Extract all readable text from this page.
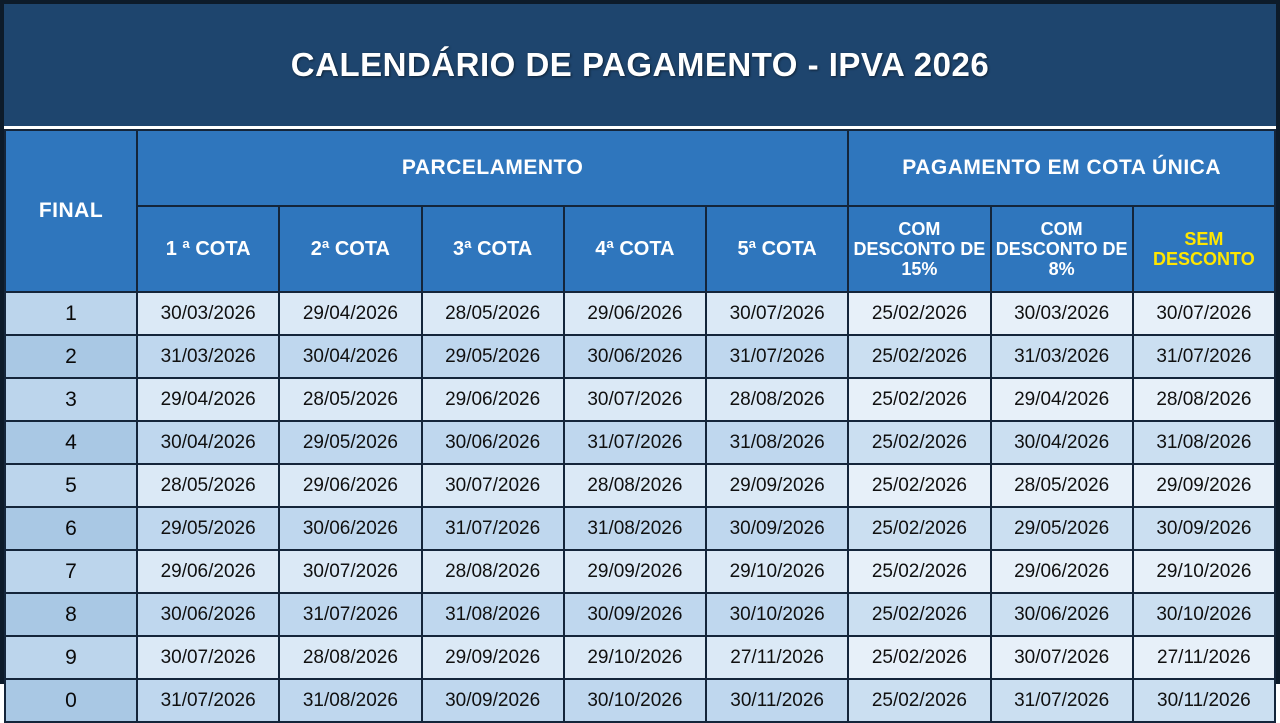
CALENDÁRIO DE PAGAMENTO - IPVA 2026
FINAL	PARCELAMENTO					PAGAMENTO EM COTA ÚNICA		
	1 ª COTA	2ª COTA	3ª COTA	4ª COTA	5ª COTA	COM DESCONTO DE 15%	COM DESCONTO DE 8%	SEM DESCONTO
1	30/03/2026	29/04/2026	28/05/2026	29/06/2026	30/07/2026	25/02/2026	30/03/2026	30/07/2026
2	31/03/2026	30/04/2026	29/05/2026	30/06/2026	31/07/2026	25/02/2026	31/03/2026	31/07/2026
3	29/04/2026	28/05/2026	29/06/2026	30/07/2026	28/08/2026	25/02/2026	29/04/2026	28/08/2026
4	30/04/2026	29/05/2026	30/06/2026	31/07/2026	31/08/2026	25/02/2026	30/04/2026	31/08/2026
5	28/05/2026	29/06/2026	30/07/2026	28/08/2026	29/09/2026	25/02/2026	28/05/2026	29/09/2026
6	29/05/2026	30/06/2026	31/07/2026	31/08/2026	30/09/2026	25/02/2026	29/05/2026	30/09/2026
7	29/06/2026	30/07/2026	28/08/2026	29/09/2026	29/10/2026	25/02/2026	29/06/2026	29/10/2026
8	30/06/2026	31/07/2026	31/08/2026	30/09/2026	30/10/2026	25/02/2026	30/06/2026	30/10/2026
9	30/07/2026	28/08/2026	29/09/2026	29/10/2026	27/11/2026	25/02/2026	30/07/2026	27/11/2026
0	31/07/2026	31/08/2026	30/09/2026	30/10/2026	30/11/2026	25/02/2026	31/07/2026	30/11/2026
